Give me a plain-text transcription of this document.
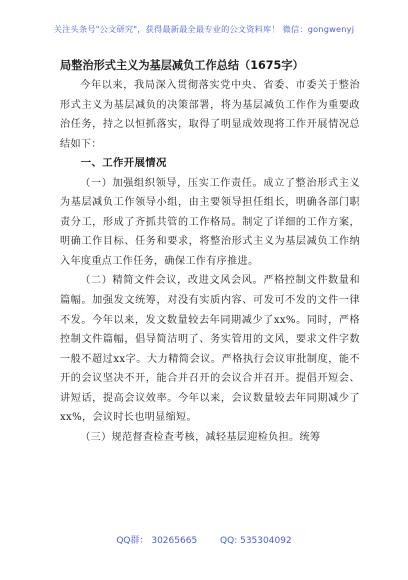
关注头条号"公文研究"，获得最新最全最专业的公文资料库！ 微信：gongwenyj
局整治形式主义为基层减负工作总结（1675字）

今年以来，我局深入贯彻落实党中央、省委、市委关于整治形式主义为基层减负的决策部署，将为基层减负工作作为重要政治任务，持之以恒抓落实，取得了明显成效现将工作开展情况总结如下：

一、工作开展情况

（一）加强组织领导，压实工作责任。成立了整治形式主义为基层减负工作领导小组，由主要领导担任组长，明确各部门职责分工，形成了齐抓共管的工作格局。制定了详细的工作方案，明确工作目标、任务和要求，将整治形式主义为基层减负工作纳入年度重点工作任务，确保工作有序推进。

（二）精简文件会议，改进文风会风。严格控制文件数量和篇幅。加强发文统筹，对没有实质内容、可发可不发的文件一律不发。今年以来，发文数量较去年同期减少了xx%。同时，严格控制文件篇幅，倡导简洁明了、务实管用的文风，要求文件字数一般不超过xx字。大力精简会议。严格执行会议审批制度，能不开的会议坚决不开，能合并召开的会议合并召开。提倡开短会、讲短话，提高会议效率。今年以来，会议数量较去年同期减少了xx%，会议时长也明显缩短。

（三）规范督查检查考核，减轻基层迎检负担。统筹

QQ群： 30265665	QQ: 535304092
